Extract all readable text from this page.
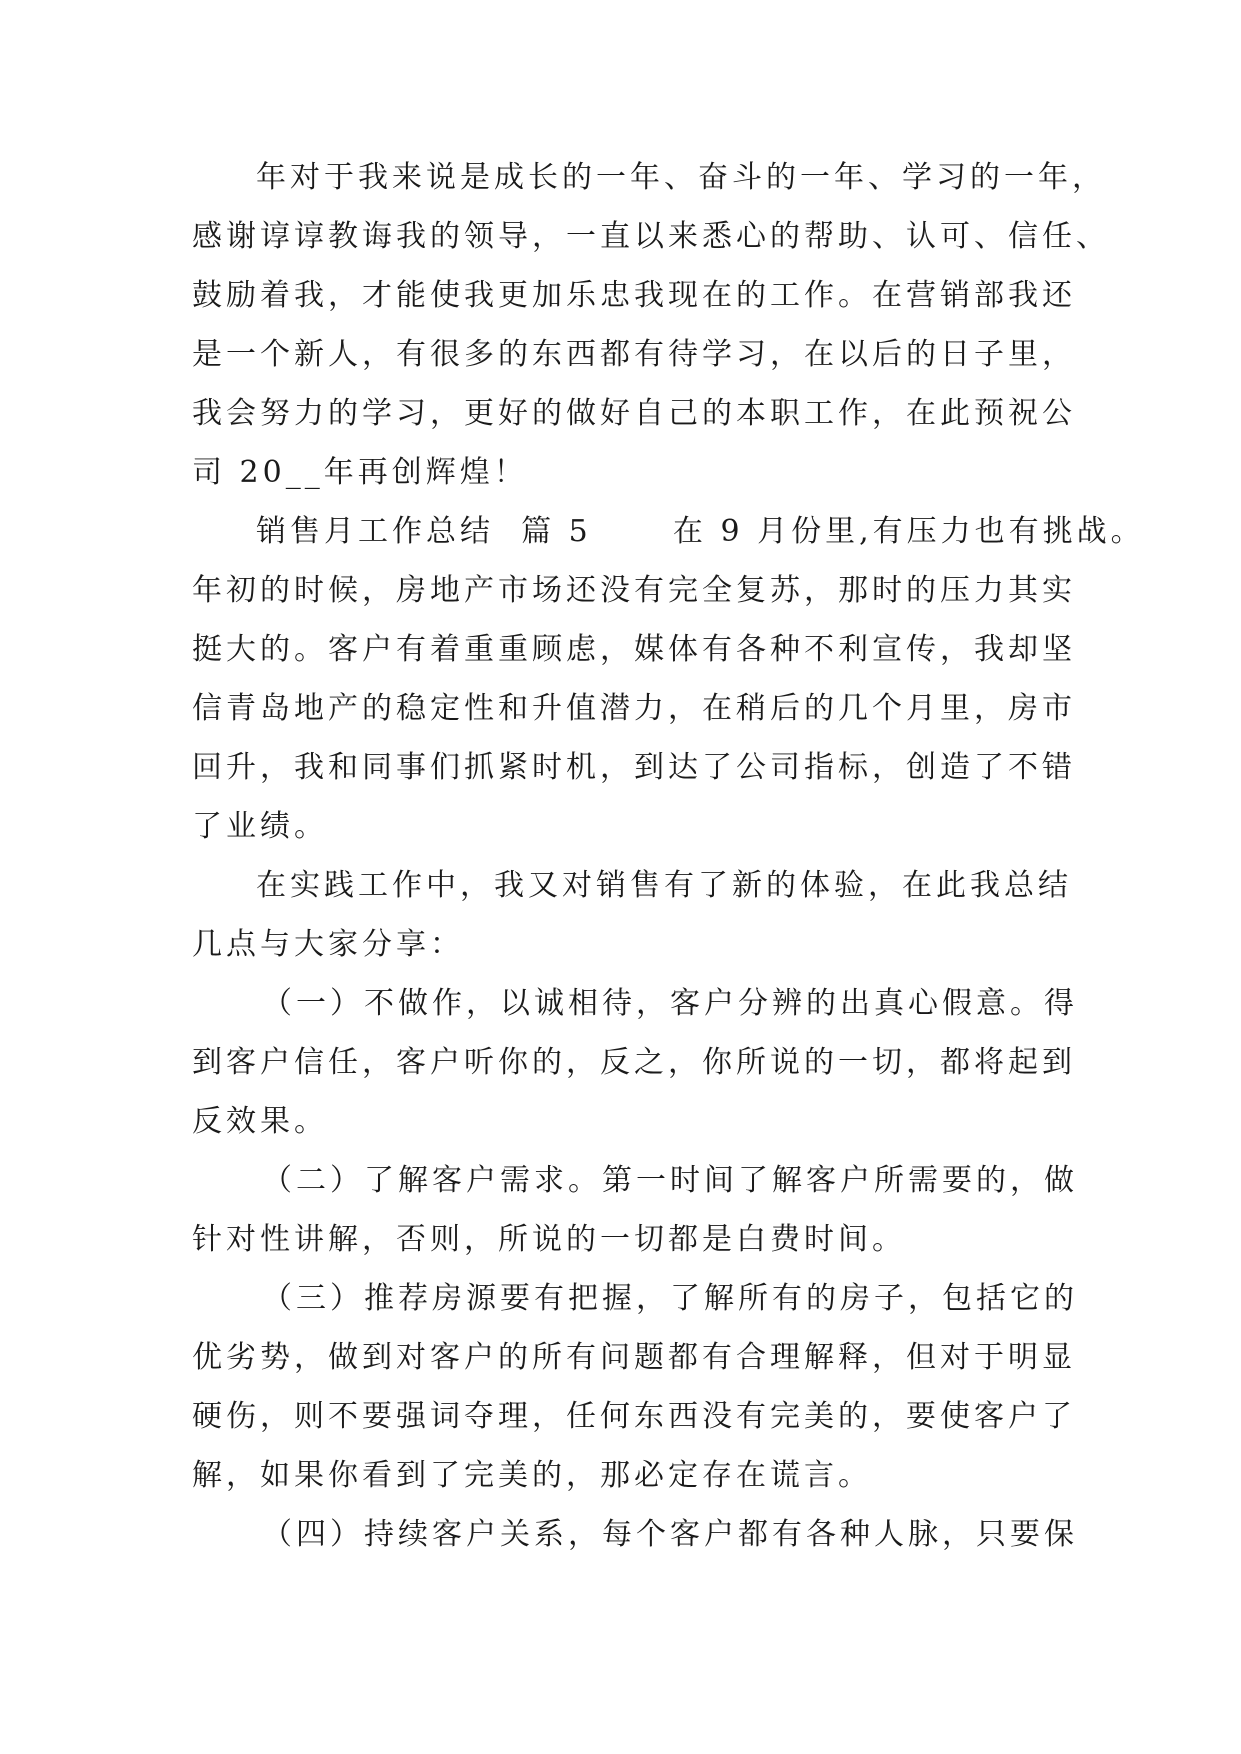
年对于我来说是成长的一年、奋斗的一年、学习的一年，
感谢谆谆教诲我的领导，一直以来悉心的帮助、认可、信任、
鼓励着我，才能使我更加乐忠我现在的工作。在营销部我还
是一个新人，有很多的东西都有待学习，在以后的日子里，
我会努力的学习，更好的做好自己的本职工作，在此预祝公
司 20__年再创辉煌！

销售月工作总结  篇 5      在 9 月份里,有压力也有挑战。
年初的时候，房地产市场还没有完全复苏，那时的压力其实
挺大的。客户有着重重顾虑，媒体有各种不利宣传，我却坚
信青岛地产的稳定性和升值潜力，在稍后的几个月里，房市
回升，我和同事们抓紧时机，到达了公司指标，创造了不错
了业绩。

在实践工作中，我又对销售有了新的体验，在此我总结
几点与大家分享：

（一）不做作，以诚相待，客户分辨的出真心假意。得
到客户信任，客户听你的，反之，你所说的一切，都将起到
反效果。

（二）了解客户需求。第一时间了解客户所需要的，做
针对性讲解，否则，所说的一切都是白费时间。

（三）推荐房源要有把握，了解所有的房子，包括它的
优劣势，做到对客户的所有问题都有合理解释，但对于明显
硬伤，则不要强词夺理，任何东西没有完美的，要使客户了
解，如果你看到了完美的，那必定存在谎言。

（四）持续客户关系，每个客户都有各种人脉，只要保
